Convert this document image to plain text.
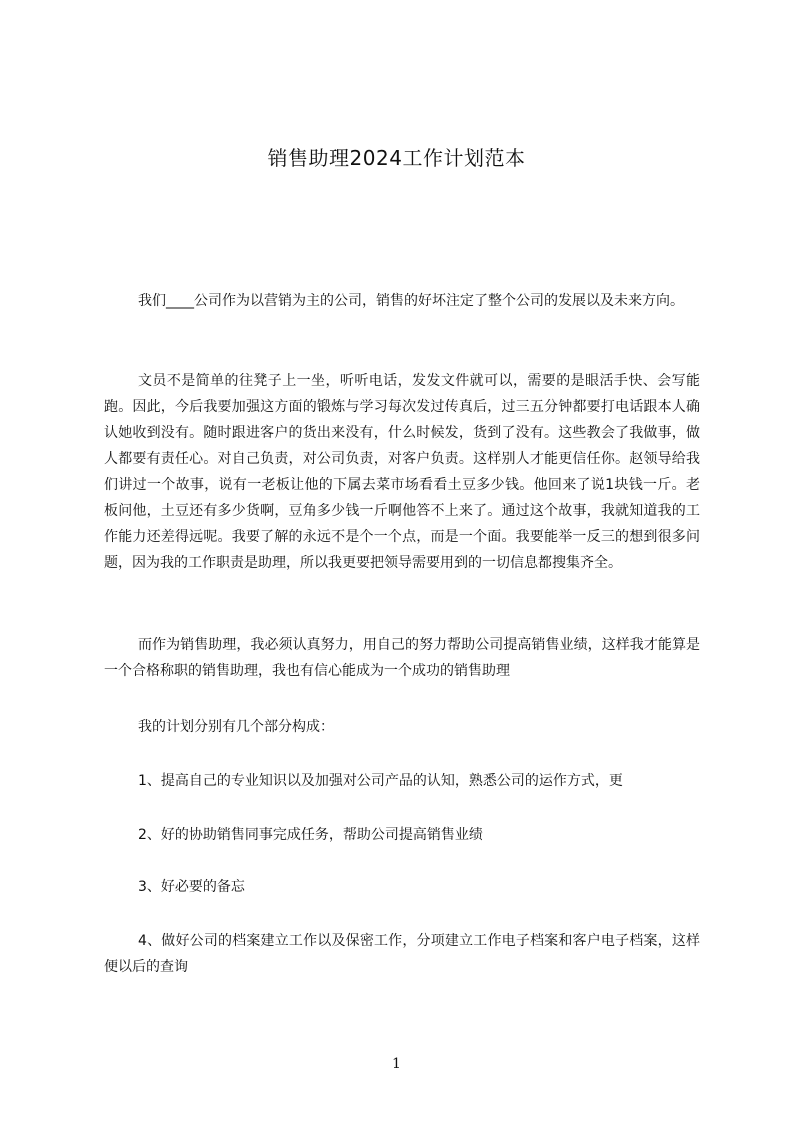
销售助理2024工作计划范本

我们____公司作为以营销为主的公司，销售的好坏注定了整个公司的发展以及未来方向。

文员不是简单的往凳子上一坐，听听电话，发发文件就可以，需要的是眼活手快、会写能跑。因此，今后我要加强这方面的锻炼与学习每次发过传真后，过三五分钟都要打电话跟本人确认她收到没有。随时跟进客户的货出来没有，什么时候发，货到了没有。这些教会了我做事，做人都要有责任心。对自己负责，对公司负责，对客户负责。这样别人才能更信任你。赵领导给我们讲过一个故事，说有一老板让他的下属去菜市场看看土豆多少钱。他回来了说1块钱一斤。老板问他，土豆还有多少货啊，豆角多少钱一斤啊他答不上来了。通过这个故事，我就知道我的工作能力还差得远呢。我要了解的永远不是个一个点，而是一个面。我要能举一反三的想到很多问题，因为我的工作职责是助理，所以我更要把领导需要用到的一切信息都搜集齐全。

而作为销售助理，我必须认真努力，用自己的努力帮助公司提高销售业绩，这样我才能算是一个合格称职的销售助理，我也有信心能成为一个成功的销售助理

我的计划分别有几个部分构成：

1、提高自己的专业知识以及加强对公司产品的认知，熟悉公司的运作方式，更

2、好的协助销售同事完成任务，帮助公司提高销售业绩

3、好必要的备忘

4、做好公司的档案建立工作以及保密工作，分项建立工作电子档案和客户电子档案，这样便以后的查询

1
